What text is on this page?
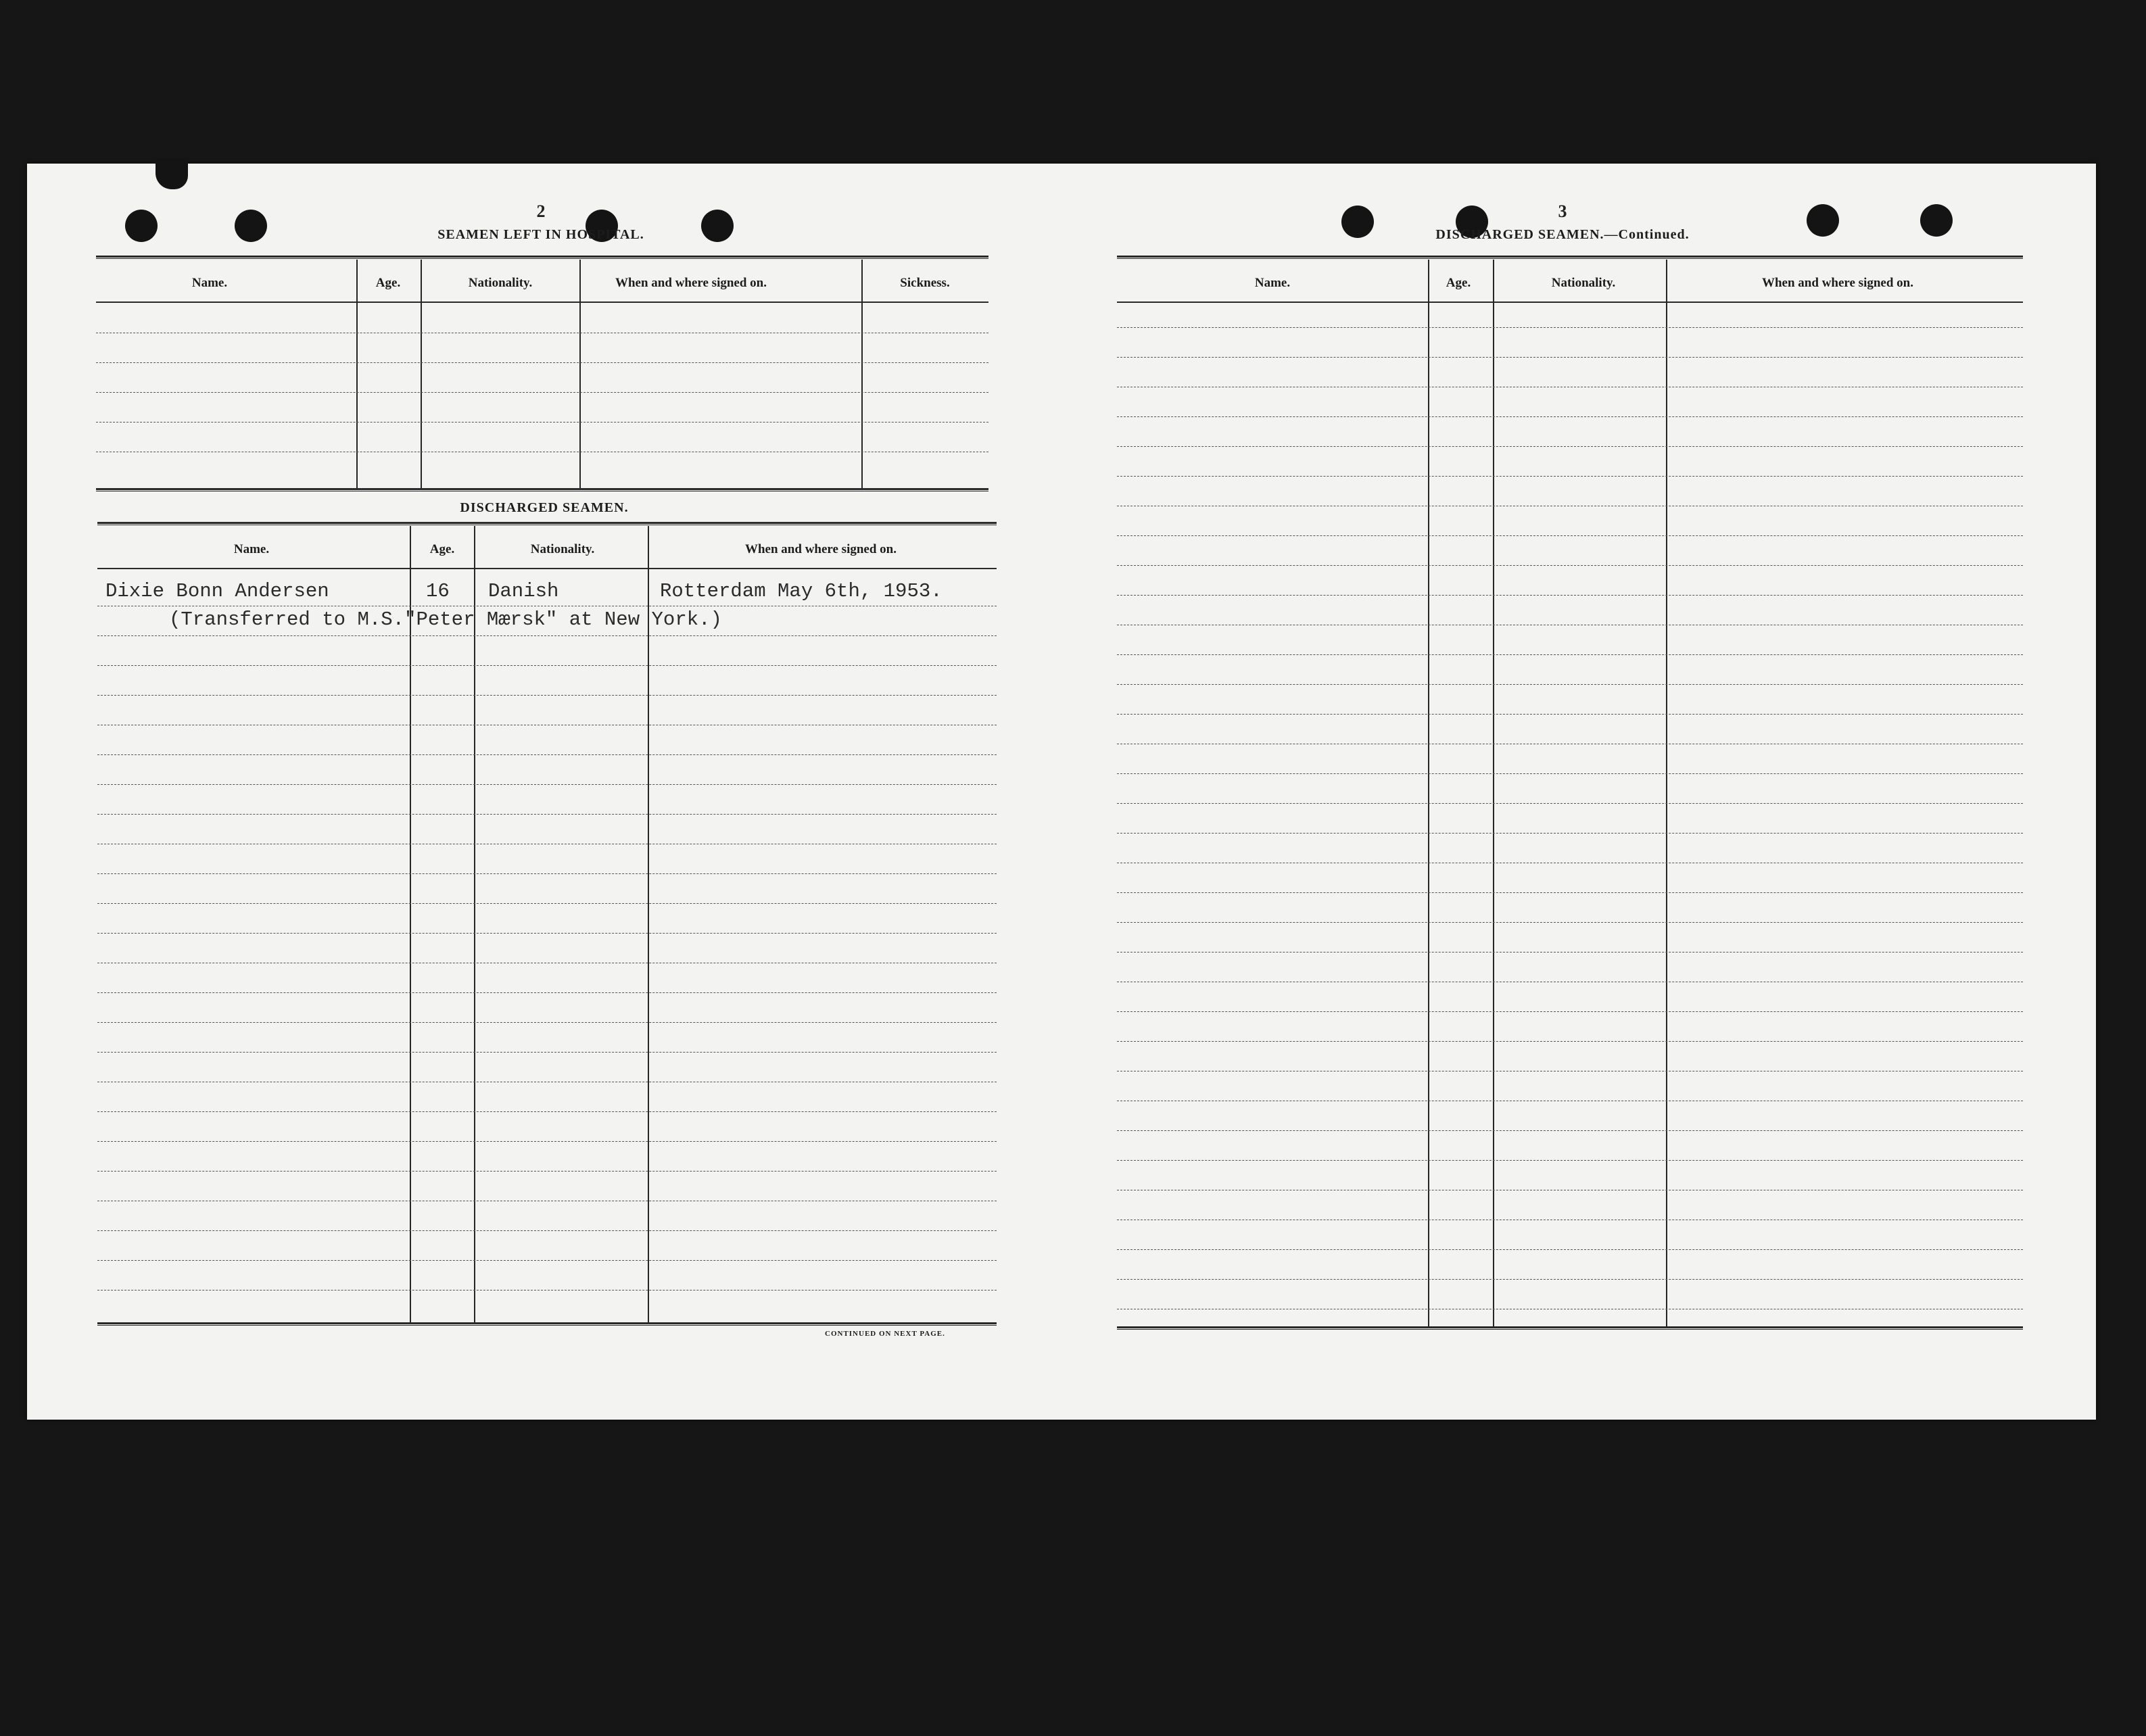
2
SEAMEN LEFT IN HOSPITAL.
Name.	Age.	Nationality.	When and where signed on.	Sickness.
DISCHARGED SEAMEN.
Name.	Age.	Nationality.	When and where signed on.
Dixie Bonn Andersen	16 Danish	Rotterdam May 6th, 1953.
(Transferred to M.S."Peter Mærsk" at New York.)
CONTINUED ON NEXT PAGE.
3
DISCHARGED SEAMEN.—Continued.
Name.	Age.	Nationality.	When and where signed on.
